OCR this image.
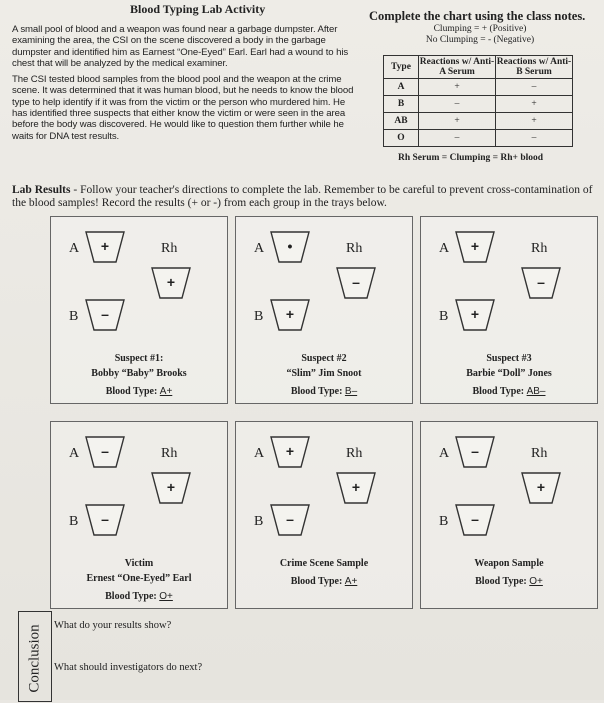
Blood Typing Lab Activity

A small pool of blood and a weapon was found near a garbage dumpster. After examining the area, the CSI on the scene discovered a body in the garbage dumpster and identified him as Earnest “One-Eyed” Earl. Earl had a wound to his chest that will be analyzed by the medical examiner.

The CSI tested blood samples from the blood pool and the weapon at the crime scene. It was determined that it was human blood, but he needs to know the blood type to help identify if it was from the victim or the person who murdered him. He has identified three suspects that either know the victim or were seen in the area before the body was discovered. He would like to question them further while he waits for DNA test results.

Complete the chart using the class notes.
Clumping = + (Positive)
No Clumping = - (Negative)
Type	Reactions w/ Anti-A Serum	Reactions w/ Anti-B Serum
A	+	–
B	–	+
AB	+	+
O	–	–
Rh Serum = Clumping = Rh+ blood
Lab Results - Follow your teacher's directions to complete the lab. Remember to be careful to prevent cross-contamination of the blood samples! Record the results (+ or -) from each group in the trays below.
A	+	Rh
+
B	–
Suspect #1:
Bobby “Baby” Brooks
Blood Type: A+
A	•	Rh
–
B	+
Suspect #2
“Slim” Jim Snoot
Blood Type: B–
A	+	Rh
–
B	+
Suspect #3
Barbie “Doll” Jones
Blood Type: AB–
A	–	Rh
+
B	–
Victim
Ernest “One-Eyed” Earl
Blood Type: O+
A	+	Rh
+
B	–
Crime Scene Sample
Blood Type: A+
A	–	Rh
+
B	–
Weapon Sample
Blood Type: O+
Conclusion What do your results show?
What should investigators do next?
